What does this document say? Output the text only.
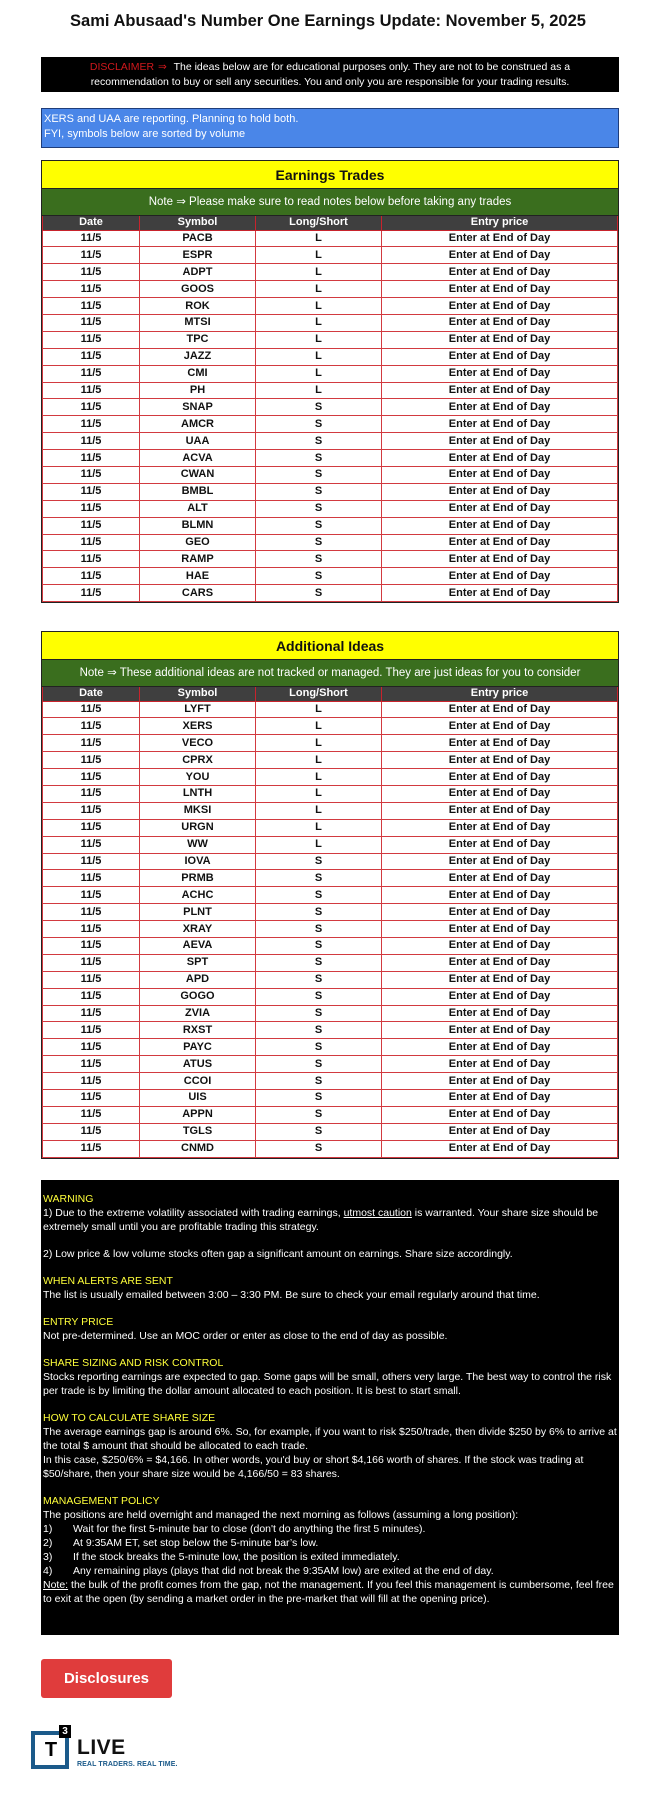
Sami Abusaad's Number One Earnings Update: November 5, 2025
DISCLAIMER ⇒ The ideas below are for educational purposes only. They are not to be construed as a
recommendation to buy or sell any securities. You and only you are responsible for your trading results.
XERS and UAA are reporting. Planning to hold both.
FYI, symbols below are sorted by volume
Earnings Trades
Note ⇒ Please make sure to read notes below before taking any trades
Date	Symbol	Long/Short	Entry price
11/5	PACB	L	Enter at End of Day
11/5	ESPR	L	Enter at End of Day
11/5	ADPT	L	Enter at End of Day
11/5	GOOS	L	Enter at End of Day
11/5	ROK	L	Enter at End of Day
11/5	MTSI	L	Enter at End of Day
11/5	TPC	L	Enter at End of Day
11/5	JAZZ	L	Enter at End of Day
11/5	CMI	L	Enter at End of Day
11/5	PH	L	Enter at End of Day
11/5	SNAP	S	Enter at End of Day
11/5	AMCR	S	Enter at End of Day
11/5	UAA	S	Enter at End of Day
11/5	ACVA	S	Enter at End of Day
11/5	CWAN	S	Enter at End of Day
11/5	BMBL	S	Enter at End of Day
11/5	ALT	S	Enter at End of Day
11/5	BLMN	S	Enter at End of Day
11/5	GEO	S	Enter at End of Day
11/5	RAMP	S	Enter at End of Day
11/5	HAE	S	Enter at End of Day
11/5	CARS	S	Enter at End of Day
Additional Ideas
Note ⇒ These additional ideas are not tracked or managed. They are just ideas for you to consider
Date	Symbol	Long/Short	Entry price
11/5	LYFT	L	Enter at End of Day
11/5	XERS	L	Enter at End of Day
11/5	VECO	L	Enter at End of Day
11/5	CPRX	L	Enter at End of Day
11/5	YOU	L	Enter at End of Day
11/5	LNTH	L	Enter at End of Day
11/5	MKSI	L	Enter at End of Day
11/5	URGN	L	Enter at End of Day
11/5	WW	L	Enter at End of Day
11/5	IOVA	S	Enter at End of Day
11/5	PRMB	S	Enter at End of Day
11/5	ACHC	S	Enter at End of Day
11/5	PLNT	S	Enter at End of Day
11/5	XRAY	S	Enter at End of Day
11/5	AEVA	S	Enter at End of Day
11/5	SPT	S	Enter at End of Day
11/5	APD	S	Enter at End of Day
11/5	GOGO	S	Enter at End of Day
11/5	ZVIA	S	Enter at End of Day
11/5	RXST	S	Enter at End of Day
11/5	PAYC	S	Enter at End of Day
11/5	ATUS	S	Enter at End of Day
11/5	CCOI	S	Enter at End of Day
11/5	UIS	S	Enter at End of Day
11/5	APPN	S	Enter at End of Day
11/5	TGLS	S	Enter at End of Day
11/5	CNMD	S	Enter at End of Day

WARNING

1) Due to the extreme volatility associated with trading earnings, utmost caution is warranted. Your share size should be extremely small until you are profitable trading this strategy.

2) Low price & low volume stocks often gap a significant amount on earnings. Share size accordingly.

WHEN ALERTS ARE SENT

The list is usually emailed between 3:00 – 3:30 PM. Be sure to check your email regularly around that time.

ENTRY PRICE

Not pre-determined. Use an MOC order or enter as close to the end of day as possible.

SHARE SIZING AND RISK CONTROL

Stocks reporting earnings are expected to gap. Some gaps will be small, others very large. The best way to control the risk per trade is by limiting the dollar amount allocated to each position. It is best to start small.

HOW TO CALCULATE SHARE SIZE

The average earnings gap is around 6%. So, for example, if you want to risk $250/trade, then divide $250 by 6% to arrive at the total $ amount that should be allocated to each trade.

In this case, $250/6% = $4,166. In other words, you'd buy or short $4,166 worth of shares. If the stock was trading at $50/share, then your share size would be 4,166/50 = 83 shares.

MANAGEMENT POLICY

The positions are held overnight and managed the next morning as follows (assuming a long position):

1)	Wait for the first 5-minute bar to close (don't do anything the first 5 minutes).
2)	At 9:35AM ET, set stop below the 5-minute bar’s low.
3)	If the stock breaks the 5-minute low, the position is exited immediately.
4)	Any remaining plays (plays that did not break the 9:35AM low) are exited at the end of day.

Note: the bulk of the profit comes from the gap, not the management. If you feel this management is cumbersome, feel free to exit at the open (by sending a market order in the pre-market that will fill at the opening price).

Disclosures
T
3
LIVE
REAL TRADERS. REAL TIME.
